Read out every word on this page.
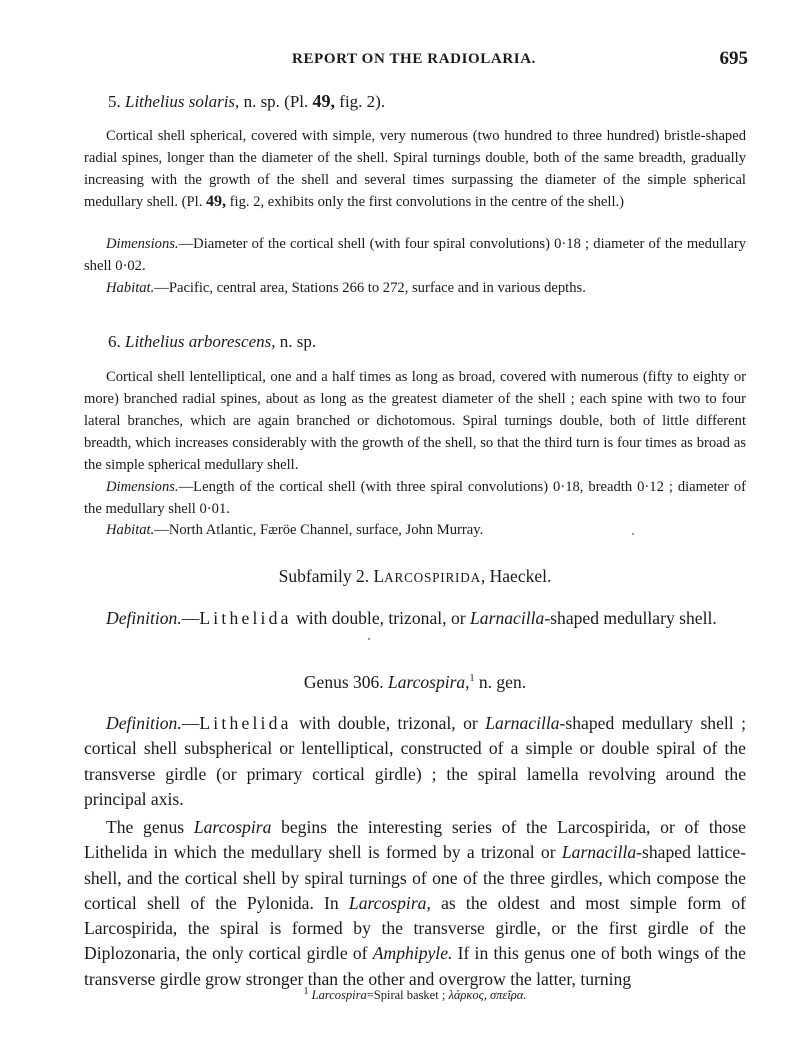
REPORT ON THE RADIOLARIA.	695
5. Lithelius solaris, n. sp. (Pl. 49, fig. 2).

Cortical shell spherical, covered with simple, very numerous (two hundred to three hundred) bristle-shaped radial spines, longer than the diameter of the shell. Spiral turnings double, both of the same breadth, gradually increasing with the growth of the shell and several times surpassing the diameter of the simple spherical medullary shell. (Pl. 49, fig. 2, exhibits only the first convolutions in the centre of the shell.)

Dimensions.—Diameter of the cortical shell (with four spiral convolutions) 0·18 ; diameter of the medullary shell 0·02.

Habitat.—Pacific, central area, Stations 266 to 272, surface and in various depths.

6. Lithelius arborescens, n. sp.

Cortical shell lentelliptical, one and a half times as long as broad, covered with numerous (fifty to eighty or more) branched radial spines, about as long as the greatest diameter of the shell ; each spine with two to four lateral branches, which are again branched or dichotomous. Spiral turnings double, both of little different breadth, which increases considerably with the growth of the shell, so that the third turn is four times as broad as the simple spherical medullary shell.

Dimensions.—Length of the cortical shell (with three spiral convolutions) 0·18, breadth 0·12 ; diameter of the medullary shell 0·01.

Habitat.—North Atlantic, Færöe Channel, surface, John Murray.

Subfamily 2. LARCOSPIRIDA, Haeckel.

Definition.—Lithelida with double, trizonal, or Larnacilla-shaped medullary shell.

Genus 306. Larcospira,$^1$ n. gen.

Definition.—Lithelida with double, trizonal, or Larnacilla-shaped medullary shell ; cortical shell subspherical or lentelliptical, constructed of a simple or double spiral of the transverse girdle (or primary cortical girdle) ; the spiral lamella revolving around the principal axis.

The genus Larcospira begins the interesting series of the Larcospirida, or of those Lithelida in which the medullary shell is formed by a trizonal or Larnacilla-shaped lattice-shell, and the cortical shell by spiral turnings of one of the three girdles, which compose the cortical shell of the Pylonida. In Larcospira, as the oldest and most simple form of Larcospirida, the spiral is formed by the transverse girdle, or the first girdle of the Diplozonaria, the only cortical girdle of Amphipyle. If in this genus one of both wings of the transverse girdle grow stronger than the other and overgrow the latter, turning

$^1$ Larcospira=Spiral basket ; λάρκος, σπεῖρα.
